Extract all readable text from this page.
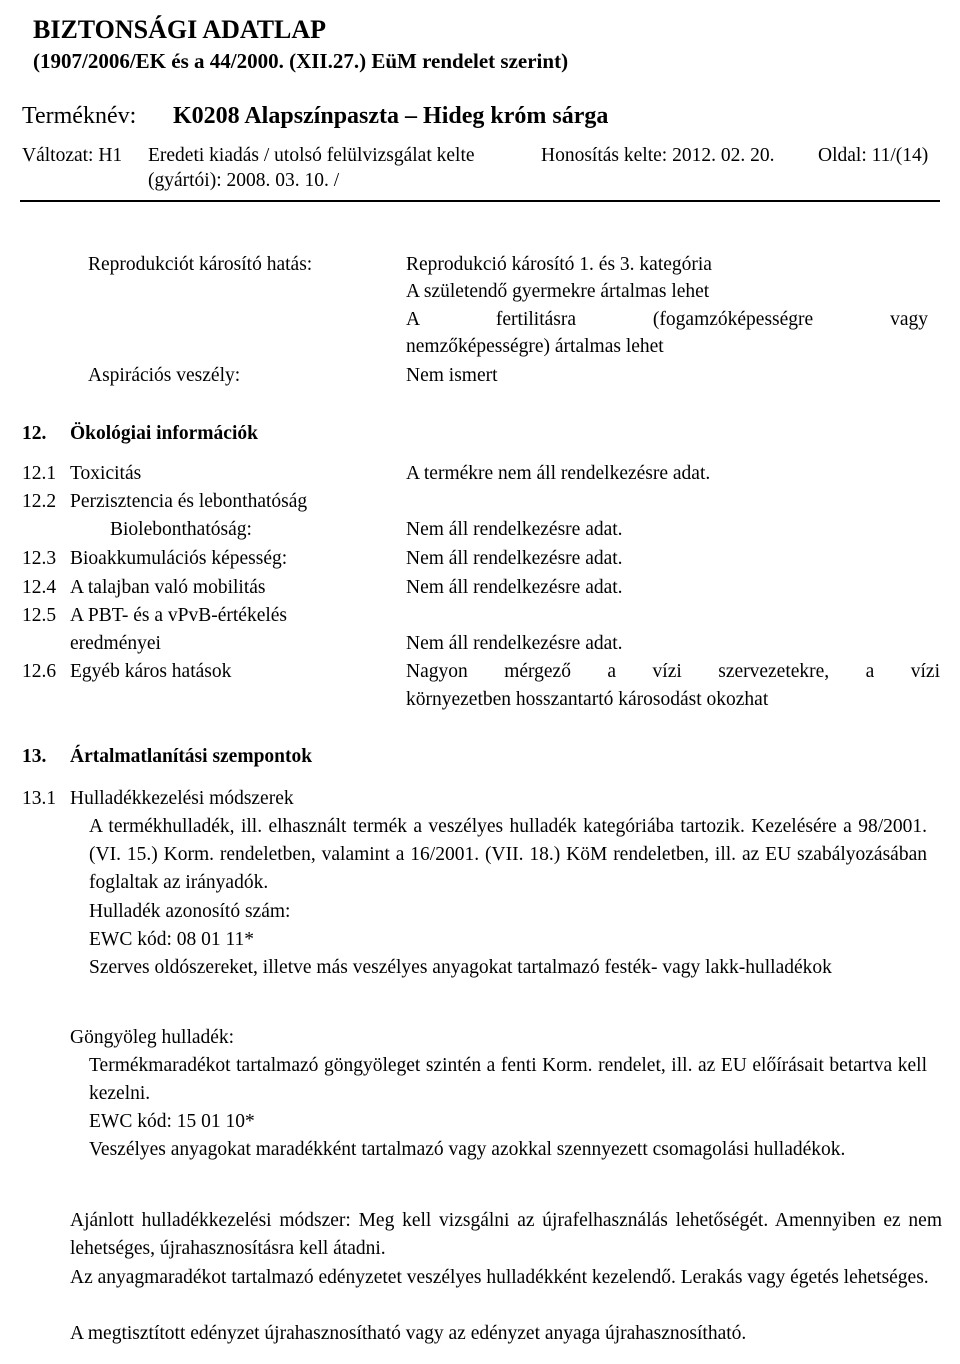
BIZTONSÁGI ADATLAP
(1907/2006/EK és a 44/2000. (XII.27.) EüM rendelet szerint)
Terméknév: K0208 Alapszínpaszta – Hideg króm sárga
Változat: H1 Eredeti kiadás / utolsó felülvizsgálat kelte
(gyártói): 2008. 03. 10. /
Honosítás kelte: 2012. 02. 20. Oldal: 11/(14)
Reprodukciót károsító hatás:	Reprodukció károsító 1. és 3. kategória
A születendő gyermekre ártalmas lehet
A fertilitásra (fogamzóképességre vagy
nemzőképességre) ártalmas lehet
Aspirációs veszély:	Nem ismert
12. Ökológiai információk
12.1 Toxicitás	A termékre nem áll rendelkezésre adat.
12.2 Perzisztencia és lebonthatóság
Biolebonthatóság:	Nem áll rendelkezésre adat.
12.3 Bioakkumulációs képesség:	Nem áll rendelkezésre adat.
12.4 A talajban való mobilitás	Nem áll rendelkezésre adat.
12.5 A PBT- és a vPvB-értékelés
eredményei	Nem áll rendelkezésre adat.
12.6 Egyéb káros hatások	Nagyon mérgező a vízi szervezetekre, a vízi
környezetben hosszantartó károsodást okozhat
13. Ártalmatlanítási szempontok
13.1 Hulladékkezelési módszerek
A termékhulladék, ill. elhasznált termék a veszélyes hulladék kategóriába tartozik. Kezelésére a 98/2001. (VI. 15.) Korm. rendeletben, valamint a 16/2001. (VII. 18.) KöM rendeletben, ill. az EU szabályozásában foglaltak az irányadók.
Hulladék azonosító szám:
EWC kód: 08 01 11*
Szerves oldószereket, illetve más veszélyes anyagokat tartalmazó festék- vagy lakk-hulladékok
Göngyöleg hulladék:
Termékmaradékot tartalmazó göngyöleget szintén a fenti Korm. rendelet, ill. az EU előírásait betartva kell kezelni.
EWC kód: 15 01 10*
Veszélyes anyagokat maradékként tartalmazó vagy azokkal szennyezett csomagolási hulladékok.
Ajánlott hulladékkezelési módszer: Meg kell vizsgálni az újrafelhasználás lehetőségét. Amennyiben ez nem lehetséges, újrahasznosításra kell átadni.
Az anyagmaradékot tartalmazó edényzetet veszélyes hulladékként kezelendő. Lerakás vagy égetés lehetséges.
A megtisztított edényzet újrahasznosítható vagy az edényzet anyaga újrahasznosítható.
